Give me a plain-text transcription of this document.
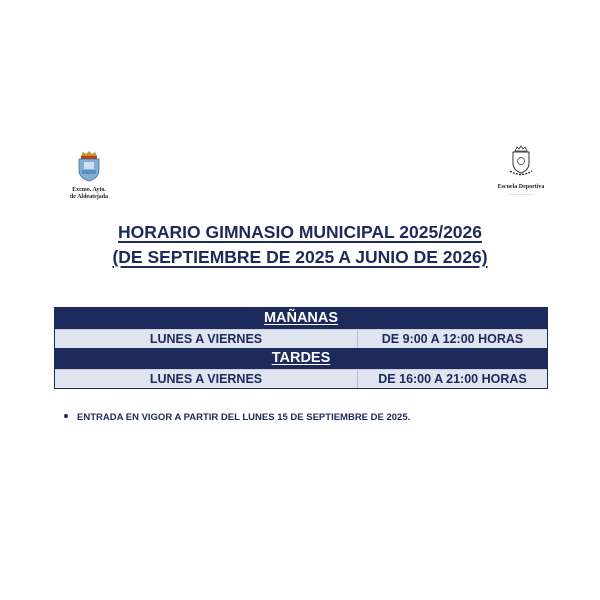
Excmo. Ayto.
de Aldeatejada
Escuela Deportiva
_______________
HORARIO GIMNASIO MUNICIPAL 2025/2026
(DE SEPTIEMBRE DE 2025 A JUNIO DE 2026)
MAÑANAS
LUNES A VIERNES	DE 9:00 A 12:00 HORAS
TARDES
LUNES A VIERNES	DE 16:00 A 21:00 HORAS
ENTRADA EN VIGOR A PARTIR DEL LUNES 15 DE SEPTIEMBRE DE 2025.
